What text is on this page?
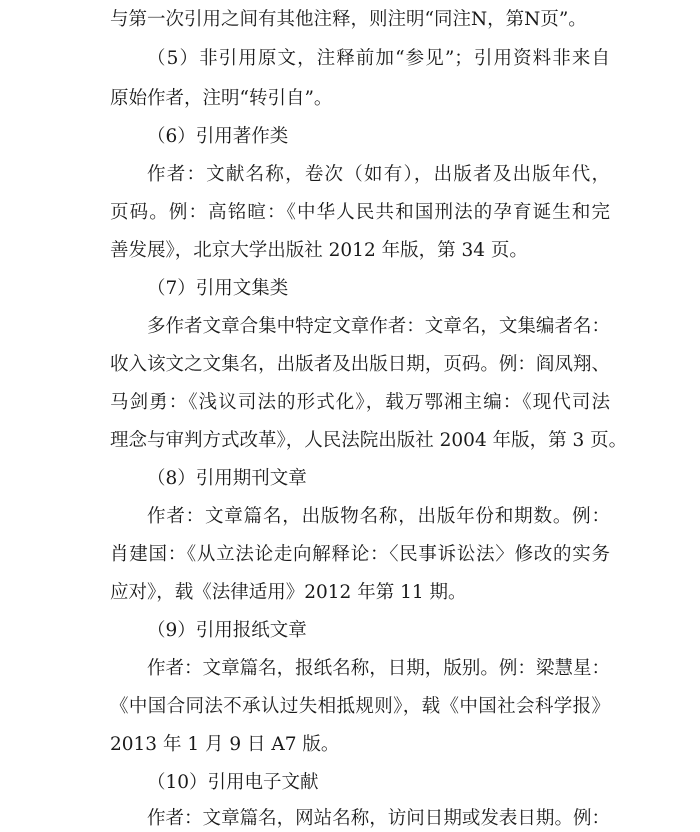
与第一次引用之间有其他注释，则注明“同注N，第N页”。
（5）非引用原文，注释前加“参见”；引用资料非来自
原始作者，注明“转引自”。
（6）引用著作类
作者：文献名称，卷次（如有），出版者及出版年代，
页码。例：高铭暄：《中华人民共和国刑法的孕育诞生和完
善发展》，北京大学出版社 2012 年版，第 34 页。
（7）引用文集类
多作者文章合集中特定文章作者：文章名，文集编者名：
收入该文之文集名，出版者及出版日期，页码。例：阎凤翔、
马剑勇：《浅议司法的形式化》，载万鄂湘主编：《现代司法
理念与审判方式改革》，人民法院出版社 2004 年版，第 3 页。
（8）引用期刊文章
作者：文章篇名，出版物名称，出版年份和期数。例：
肖建国：《从立法论走向解释论：〈民事诉讼法〉修改的实务
应对》，载《法律适用》2012 年第 11 期。
（9）引用报纸文章
作者：文章篇名，报纸名称，日期，版别。例：梁慧星：
《中国合同法不承认过失相抵规则》，载《中国社会科学报》
2013 年 1 月 9 日 A7 版。
（10）引用电子文献
作者：文章篇名，网站名称，访问日期或发表日期。例：
